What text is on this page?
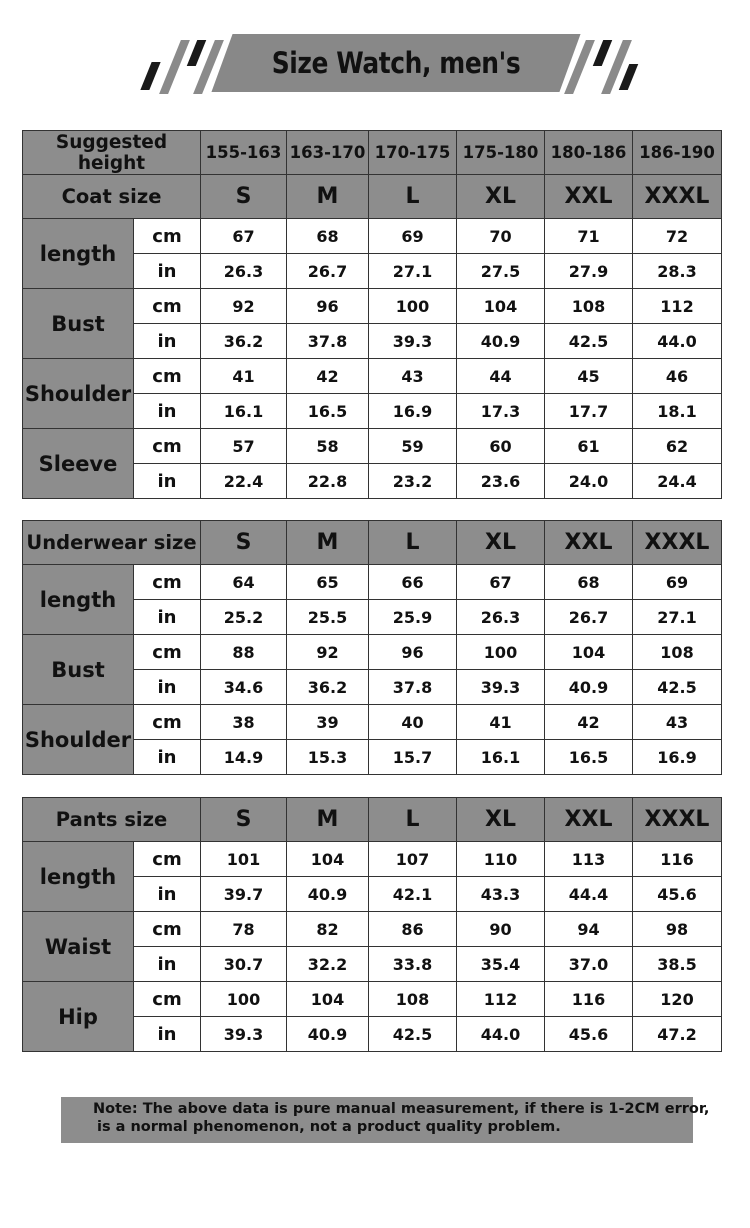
Size Watch, men's
Suggested height		155-163	163-170	170-175	175-180	180-186	186-190
Coat size		S	M	L	XL	XXL	XXXL
length	cm	67	68	69	70	71	72
	in	26.3	26.7	27.1	27.5	27.9	28.3
Bust	cm	92	96	100	104	108	112
	in	36.2	37.8	39.3	40.9	42.5	44.0
Shoulder	cm	41	42	43	44	45	46
	in	16.1	16.5	16.9	17.3	17.7	18.1
Sleeve	cm	57	58	59	60	61	62
	in	22.4	22.8	23.2	23.6	24.0	24.4
Underwear size		S	M	L	XL	XXL	XXXL
length	cm	64	65	66	67	68	69
	in	25.2	25.5	25.9	26.3	26.7	27.1
Bust	cm	88	92	96	100	104	108
	in	34.6	36.2	37.8	39.3	40.9	42.5
Shoulder	cm	38	39	40	41	42	43
	in	14.9	15.3	15.7	16.1	16.5	16.9
Pants size		S	M	L	XL	XXL	XXXL
length	cm	101	104	107	110	113	116
	in	39.7	40.9	42.1	43.3	44.4	45.6
Waist	cm	78	82	86	90	94	98
	in	30.7	32.2	33.8	35.4	37.0	38.5
Hip	cm	100	104	108	112	116	120
	in	39.3	40.9	42.5	44.0	45.6	47.2
Note: The above data is pure manual measurement, if there is 1-2CM error,
is a normal phenomenon, not a product quality problem.
